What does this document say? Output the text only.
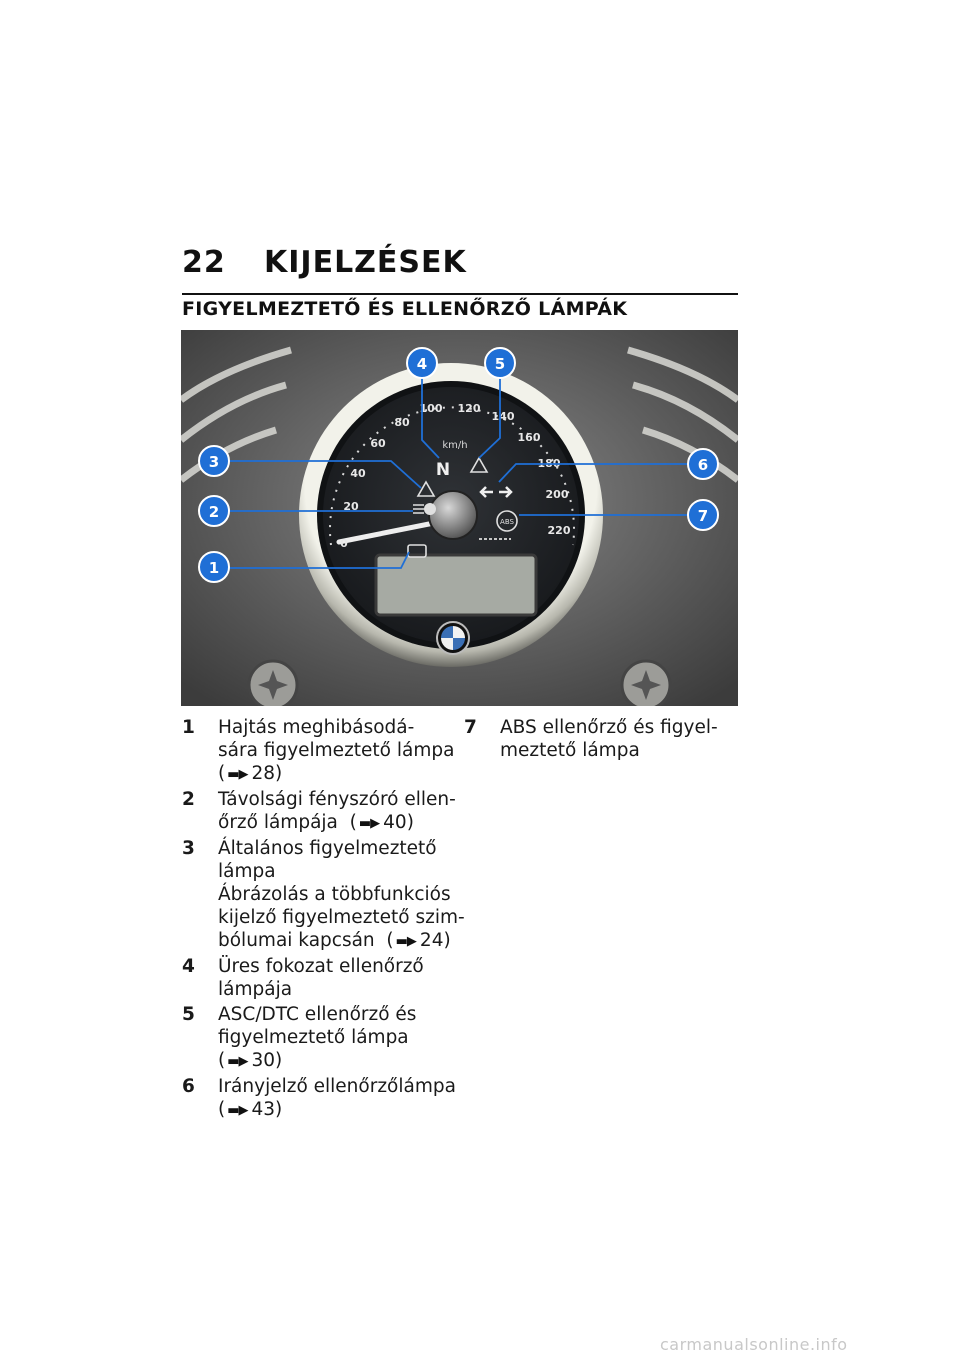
22 KIJELZÉSEK
FIGYELMEZTETŐ ÉS ELLENŐRZŐ LÁMPÁK
0
20
40
60
80
100 120
140
160
180
200
220
km/h
N
ABS
1
2
3
4	5
6
7
1 Hajtás meghibásodá-
sára figyelmeztető lámpa
( ▬▶ 28)
2 Távolsági fényszóró ellen-
őrző lámpája ( ▬▶ 40)
3 Általános figyelmeztető
lámpa
Ábrázolás a többfunkciós
kijelző figyelmeztető szim-
bólumai kapcsán ( ▬▶ 24)
4 Üres fokozat ellenőrző
lámpája
5 ASC/DTC ellenőrző és
figyelmeztető lámpa
( ▬▶ 30)
6 Irányjelző ellenőrzőlámpa
( ▬▶ 43)
7 ABS ellenőrző és figyel-
meztető lámpa
carmanualsonline.info
